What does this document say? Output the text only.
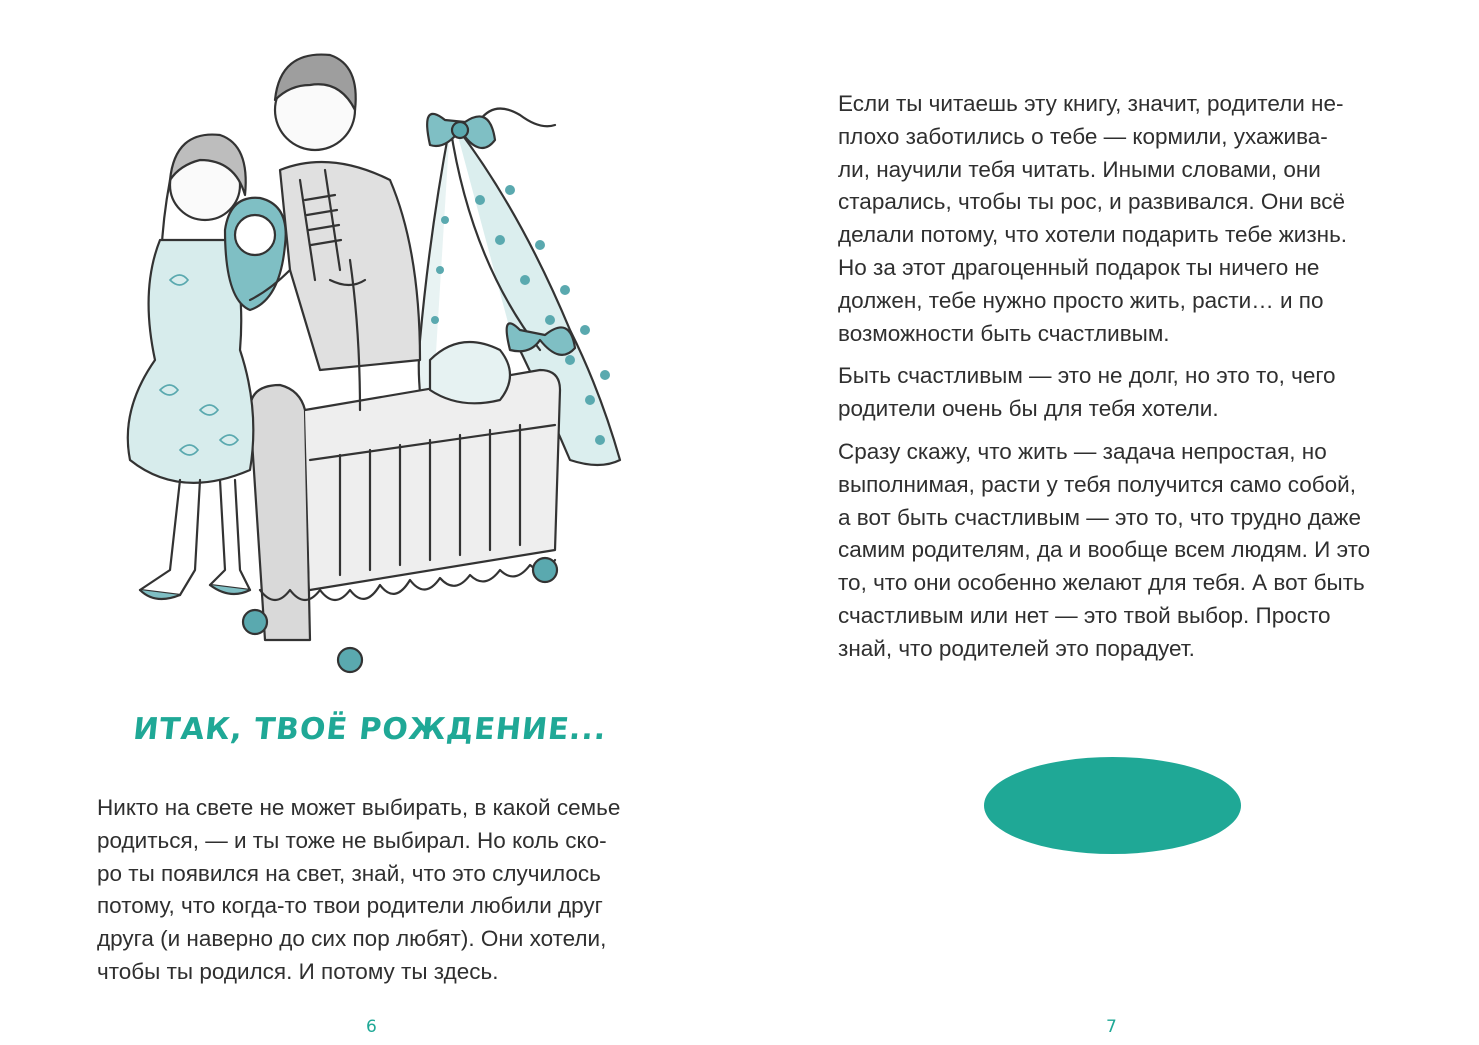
ИТАК, ТВОЁ РОЖДЕНИЕ...

Никто на свете не может выбирать, в какой семье
родиться, — и ты тоже не выбирал. Но коль ско-
ро ты появился на свет, знай, что это случилось
потому, что когда-то твои родители любили друг
друга (и наверно до сих пор любят). Они хотели,
чтобы ты родился. И потому ты здесь.

Если ты читаешь эту книгу, значит, родители не-
плохо заботились о тебе — кормили, ухажива-
ли, научили тебя читать. Иными словами, они
старались, чтобы ты рос, и развивался. Они всё
делали потому, что хотели подарить тебе жизнь.
Но за этот драгоценный подарок ты ничего не
должен, тебе нужно просто жить, расти… и по
возможности быть счастливым.

Быть счастливым — это не долг, но это то, чего
родители очень бы для тебя хотели.

Сразу скажу, что жить — задача непростая, но
выполнимая, расти у тебя получится само собой,
а вот быть счастливым — это то, что трудно даже
самим родителям, да и вообще всем людям. И это
то, что они особенно желают для тебя. А вот быть
счастливым или нет — это твой выбор. Просто
знай, что родителей это порадует.

6	7
